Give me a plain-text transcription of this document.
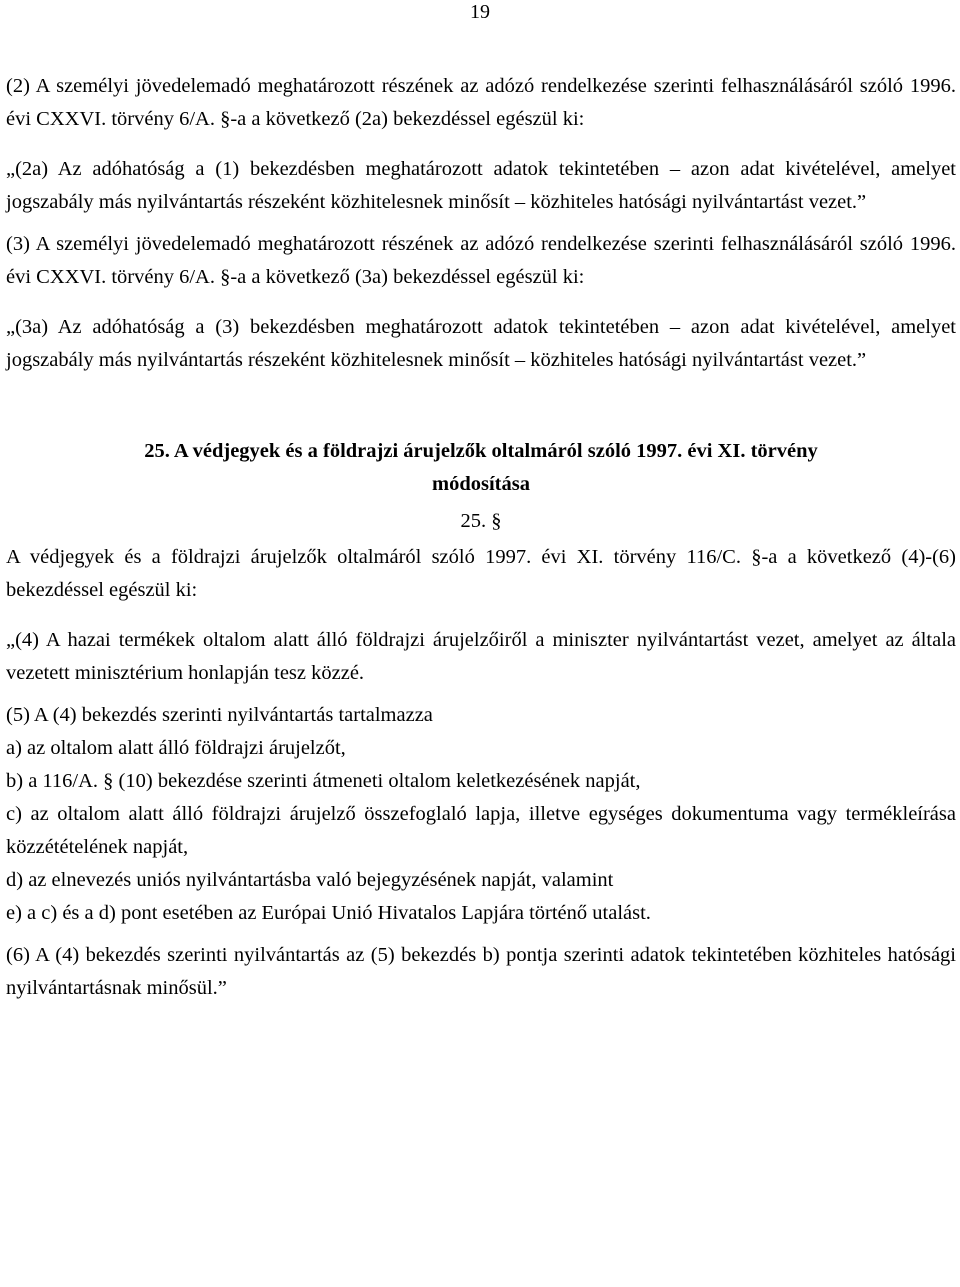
19

(2) A személyi jövedelemadó meghatározott részének az adózó rendelkezése szerinti felhasználásáról szóló 1996. évi CXXVI. törvény 6/A. §-a a következő (2a) bekezdéssel egészül ki:

„(2a) Az adóhatóság a (1) bekezdésben meghatározott adatok tekintetében – azon adat kivételével, amelyet jogszabály más nyilvántartás részeként közhitelesnek minősít – közhiteles hatósági nyilvántartást vezet.”

(3) A személyi jövedelemadó meghatározott részének az adózó rendelkezése szerinti felhasználásáról szóló 1996. évi CXXVI. törvény 6/A. §-a a következő (3a) bekezdéssel egészül ki:

„(3a) Az adóhatóság a (3) bekezdésben meghatározott adatok tekintetében – azon adat kivételével, amelyet jogszabály más nyilvántartás részeként közhitelesnek minősít – közhiteles hatósági nyilvántartást vezet.”

25. A védjegyek és a földrajzi árujelzők oltalmáról szóló 1997. évi XI. törvény

módosítása

25. §

A védjegyek és a földrajzi árujelzők oltalmáról szóló 1997. évi XI. törvény 116/C. §-a a következő (4)-(6) bekezdéssel egészül ki:

„(4) A hazai termékek oltalom alatt álló földrajzi árujelzőiről a miniszter nyilvántartást vezet, amelyet az általa vezetett minisztérium honlapján tesz közzé.

(5) A (4) bekezdés szerinti nyilvántartás tartalmazza

a) az oltalom alatt álló földrajzi árujelzőt,

b) a 116/A. § (10) bekezdése szerinti átmeneti oltalom keletkezésének napját,

c) az oltalom alatt álló földrajzi árujelző összefoglaló lapja, illetve egységes dokumentuma vagy termékleírása közzétételének napját,

d) az elnevezés uniós nyilvántartásba való bejegyzésének napját, valamint

e) a c) és a d) pont esetében az Európai Unió Hivatalos Lapjára történő utalást.

(6) A (4) bekezdés szerinti nyilvántartás az (5) bekezdés b) pontja szerinti adatok tekintetében közhiteles hatósági nyilvántartásnak minősül.”
